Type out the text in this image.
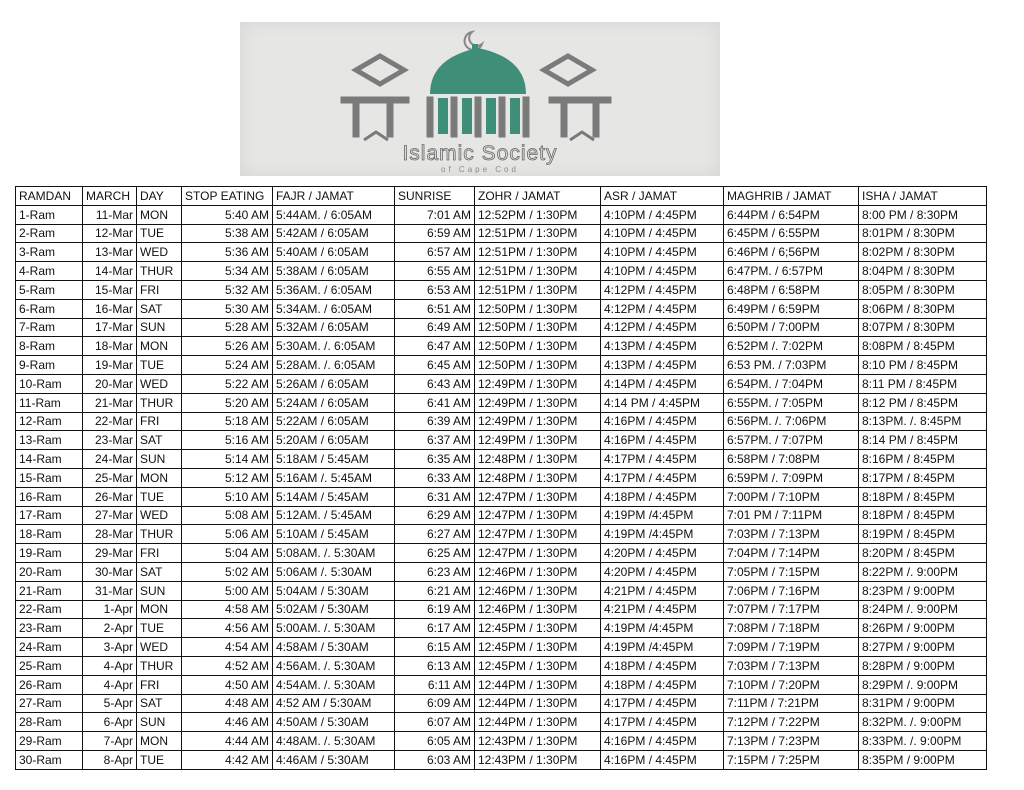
Islamic Society
of Cape Cod
RAMDAN	MARCH	DAY	STOP EATING	FAJR / JAMAT	SUNRISE	ZOHR / JAMAT	ASR / JAMAT	MAGHRIB / JAMAT	ISHA / JAMAT
1-Ram	11-Mar	MON	5:40 AM	5:44AM. / 6:05AM	7:01 AM	12:52PM / 1:30PM	4:10PM / 4:45PM	6:44PM / 6:54PM	8:00 PM / 8:30PM
2-Ram	12-Mar	TUE	5:38 AM	5:42AM / 6:05AM	6:59 AM	12:51PM / 1:30PM	4:10PM / 4:45PM	6:45PM / 6:55PM	8:01PM / 8:30PM
3-Ram	13-Mar	WED	5:36 AM	5:40AM / 6:05AM	6:57 AM	12:51PM / 1:30PM	4:10PM / 4:45PM	6:46PM / 6;56PM	8:02PM / 8:30PM
4-Ram	14-Mar	THUR	5:34 AM	5:38AM / 6:05AM	6:55 AM	12:51PM / 1:30PM	4:10PM / 4:45PM	6:47PM. / 6:57PM	8:04PM / 8:30PM
5-Ram	15-Mar	FRI	5:32 AM	5:36AM. / 6:05AM	6:53 AM	12:51PM / 1:30PM	4:12PM / 4:45PM	6:48PM / 6:58PM	8:05PM / 8:30PM
6-Ram	16-Mar	SAT	5:30 AM	5:34AM. / 6:05AM	6:51 AM	12:50PM / 1:30PM	4:12PM / 4:45PM	6:49PM / 6:59PM	8:06PM / 8:30PM
7-Ram	17-Mar	SUN	5:28 AM	5:32AM / 6:05AM	6:49 AM	12:50PM / 1:30PM	4:12PM / 4:45PM	6:50PM / 7:00PM	8:07PM / 8:30PM
8-Ram	18-Mar	MON	5:26 AM	5:30AM. /. 6:05AM	6:47 AM	12:50PM / 1:30PM	4:13PM / 4:45PM	6:52PM /. 7:02PM	8:08PM / 8:45PM
9-Ram	19-Mar	TUE	5:24 AM	5:28AM. /. 6:05AM	6:45 AM	12:50PM / 1:30PM	4:13PM / 4:45PM	6:53 PM. / 7:03PM	8:10 PM / 8:45PM
10-Ram	20-Mar	WED	5:22 AM	5:26AM / 6:05AM	6:43 AM	12:49PM / 1:30PM	4:14PM / 4:45PM	6:54PM. / 7:04PM	8:11 PM / 8:45PM
11-Ram	21-Mar	THUR	5:20 AM	5:24AM / 6:05AM	6:41 AM	12:49PM / 1:30PM	4:14 PM / 4:45PM	6:55PM. / 7:05PM	8:12 PM / 8:45PM
12-Ram	22-Mar	FRI	5:18 AM	5:22AM / 6:05AM	6:39 AM	12:49PM / 1:30PM	4:16PM / 4:45PM	6:56PM. /. 7:06PM	8:13PM. /. 8:45PM
13-Ram	23-Mar	SAT	5:16 AM	5:20AM / 6:05AM	6:37 AM	12:49PM / 1:30PM	4:16PM / 4:45PM	6:57PM. / 7:07PM	8:14 PM / 8:45PM
14-Ram	24-Mar	SUN	5:14 AM	5:18AM / 5:45AM	6:35 AM	12:48PM / 1:30PM	4:17PM / 4:45PM	6:58PM / 7:08PM	8:16PM / 8:45PM
15-Ram	25-Mar	MON	5:12 AM	5:16AM /. 5:45AM	6:33 AM	12:48PM / 1:30PM	4:17PM / 4:45PM	6:59PM /. 7:09PM	8:17PM / 8:45PM
16-Ram	26-Mar	TUE	5:10 AM	5:14AM / 5:45AM	6:31 AM	12:47PM / 1:30PM	4:18PM / 4:45PM	7:00PM / 7:10PM	8:18PM / 8:45PM
17-Ram	27-Mar	WED	5:08 AM	5:12AM. / 5:45AM	6:29 AM	12:47PM / 1:30PM	4:19PM /4:45PM	7:01 PM / 7:11PM	8:18PM / 8:45PM
18-Ram	28-Mar	THUR	5:06 AM	5:10AM / 5:45AM	6:27 AM	12:47PM / 1:30PM	4:19PM /4:45PM	7:03PM / 7:13PM	8:19PM / 8:45PM
19-Ram	29-Mar	FRI	5:04 AM	5:08AM. /. 5:30AM	6:25 AM	12:47PM / 1:30PM	4:20PM / 4:45PM	7:04PM / 7:14PM	8:20PM / 8:45PM
20-Ram	30-Mar	SAT	5:02 AM	5:06AM /. 5:30AM	6:23 AM	12:46PM / 1:30PM	4:20PM / 4:45PM	7:05PM / 7:15PM	8:22PM /. 9:00PM
21-Ram	31-Mar	SUN	5:00 AM	5:04AM / 5:30AM	6:21 AM	12:46PM / 1:30PM	4:21PM / 4:45PM	7:06PM / 7:16PM	8:23PM / 9:00PM
22-Ram	1-Apr	MON	4:58 AM	5:02AM / 5:30AM	6:19 AM	12:46PM / 1:30PM	4:21PM / 4:45PM	7:07PM / 7:17PM	8:24PM /. 9:00PM
23-Ram	2-Apr	TUE	4:56 AM	5:00AM. /. 5:30AM	6:17 AM	12:45PM / 1:30PM	4:19PM /4:45PM	7:08PM / 7:18PM	8:26PM / 9:00PM
24-Ram	3-Apr	WED	4:54 AM	4:58AM / 5:30AM	6:15 AM	12:45PM / 1:30PM	4:19PM /4:45PM	7:09PM / 7:19PM	8:27PM / 9:00PM
25-Ram	4-Apr	THUR	4:52 AM	4:56AM. /. 5:30AM	6:13 AM	12:45PM / 1:30PM	4:18PM / 4:45PM	7:03PM / 7:13PM	8:28PM / 9:00PM
26-Ram	4-Apr	FRI	4:50 AM	4:54AM. /. 5:30AM	6:11 AM	12:44PM / 1:30PM	4:18PM / 4:45PM	7:10PM / 7:20PM	8:29PM /. 9:00PM
27-Ram	5-Apr	SAT	4:48 AM	4:52 AM / 5:30AM	6:09 AM	12:44PM / 1:30PM	4:17PM / 4:45PM	7:11PM / 7:21PM	8:31PM / 9:00PM
28-Ram	6-Apr	SUN	4:46 AM	4:50AM / 5:30AM	6:07 AM	12:44PM / 1:30PM	4:17PM / 4:45PM	7:12PM / 7:22PM	8:32PM. /. 9:00PM
29-Ram	7-Apr	MON	4:44 AM	4:48AM. /. 5:30AM	6:05 AM	12:43PM / 1:30PM	4:16PM / 4:45PM	7:13PM / 7:23PM	8:33PM. /. 9:00PM
30-Ram	8-Apr	TUE	4:42 AM	4:46AM / 5:30AM	6:03 AM	12:43PM / 1:30PM	4:16PM / 4:45PM	7:15PM / 7:25PM	8:35PM / 9:00PM
